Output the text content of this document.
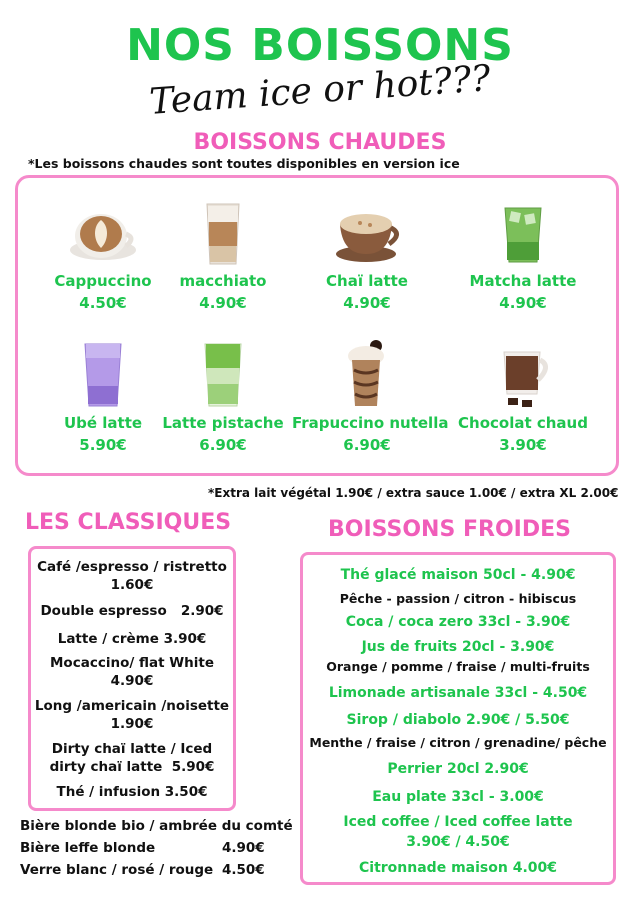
NOS BOISSONS
Team ice or hot???
BOISSONS CHAUDES
*Les boissons chaudes sont toutes disponibles en version ice
Cappuccino
4.50€
macchiato
4.90€
Chaï latte
4.90€
Matcha latte
4.90€
Ubé latte
5.90€
Latte pistache
6.90€
Frapuccino nutella
6.90€
Chocolat chaud
3.90€
*Extra lait végétal 1.90€ / extra sauce 1.00€ / extra XL 2.00€
LES CLASSIQUES
Café /espresso / ristretto
1.60€
Double espresso   2.90€
Latte / crème 3.90€
Mocaccino/ flat White
4.90€
Long /americain /noisette
1.90€
Dirty chaï latte / Iced
dirty chaï latte  5.90€
Thé / infusion 3.50€
Bière blonde bio / ambrée du comté
Bière leffe blonde	4.90€
Verre blanc / rosé / rouge 4.50€
BOISSONS FROIDES
Thé glacé maison 50cl - 4.90€
Pêche - passion / citron - hibiscus
Coca / coca zero 33cl - 3.90€
Jus de fruits 20cl - 3.90€
Orange / pomme / fraise / multi-fruits
Limonade artisanale 33cl - 4.50€
Sirop / diabolo 2.90€ / 5.50€
Menthe / fraise / citron / grenadine/ pêche
Perrier 20cl 2.90€
Eau plate 33cl - 3.00€
Iced coffee / Iced coffee latte
3.90€ / 4.50€
Citronnade maison 4.00€
